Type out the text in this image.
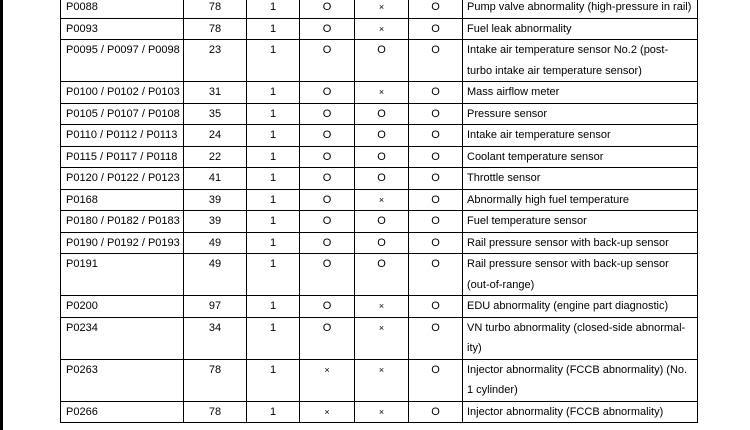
P0088	78	1	O	×	O	Pump valve abnormality (high-pressure in rail)
P0093	78	1	O	×	O	Fuel leak abnormality
P0095 / P0097 / P0098	23	1	O	O	O	Intake air temperature sensor No.2 (post-turbo intake air temperature sensor)
P0100 / P0102 / P0103	31	1	O	×	O	Mass airflow meter
P0105 / P0107 / P0108	35	1	O	O	O	Pressure sensor
P0110 / P0112 / P0113	24	1	O	O	O	Intake air temperature sensor
P0115 / P0117 / P0118	22	1	O	O	O	Coolant temperature sensor
P0120 / P0122 / P0123	41	1	O	O	O	Throttle sensor
P0168	39	1	O	×	O	Abnormally high fuel temperature
P0180 / P0182 / P0183	39	1	O	O	O	Fuel temperature sensor
P0190 / P0192 / P0193	49	1	O	O	O	Rail pressure sensor with back-up sensor
P0191	49	1	O	O	O	Rail pressure sensor with back-up sensor (out-of-range)
P0200	97	1	O	×	O	EDU abnormality (engine part diagnostic)
P0234	34	1	O	×	O	VN turbo abnormality (closed-side abnormal-ity)
P0263	78	1	×	×	O	Injector abnormality (FCCB abnormality) (No. 1 cylinder)
P0266	78	1	×	×	O	Injector abnormality (FCCB abnormality)
